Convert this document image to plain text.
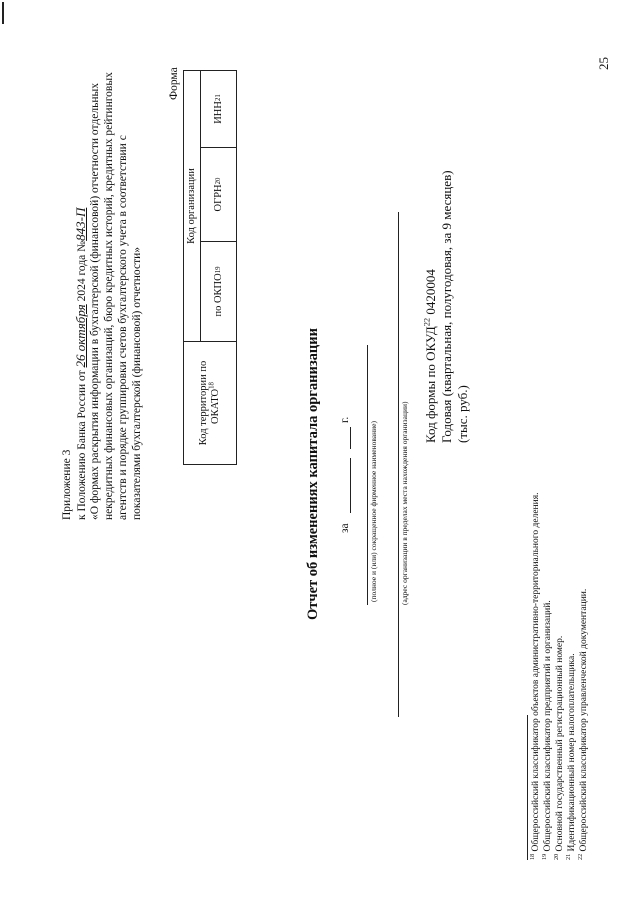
Приложение 3 к Положению Банка России от 26 октября 2024 года №843-П «О формах раскрытия информации в бухгалтерской (финансовой) отчетности отдельных некредитных финансовых организаций, бюро кредитных историй, кредитных рейтинговых агентств и порядке группировки счетов бухгалтерского учета в соответствии с показателями бухгалтерской (финансовой) отчетности»
Форма
Код территории по ОКАТО$^{18}$
Код организации
по ОКПО
19
ОГРН
20
ИНН
21
Отчет об изменениях капитала организации за
г.
(полное и (или) сокращенное фирменное наименование)	(адрес организации в пределах места нахождения организации)
Код формы по ОКУД$^{22}$ 0420004 Годовая (квартальная, полугодовая, за 9 месяцев) (тыс. руб.)
$^{18}$ Общероссийский классификатор объектов административно-территориального деления.
$^{19}$ Общероссийский классификатор предприятий и организаций.
$^{20}$ Основной государственный регистрационный номер.
$^{21}$ Идентификационный номер налогоплательщика.
$^{22}$ Общероссийский классификатор управленческой документации.
25
